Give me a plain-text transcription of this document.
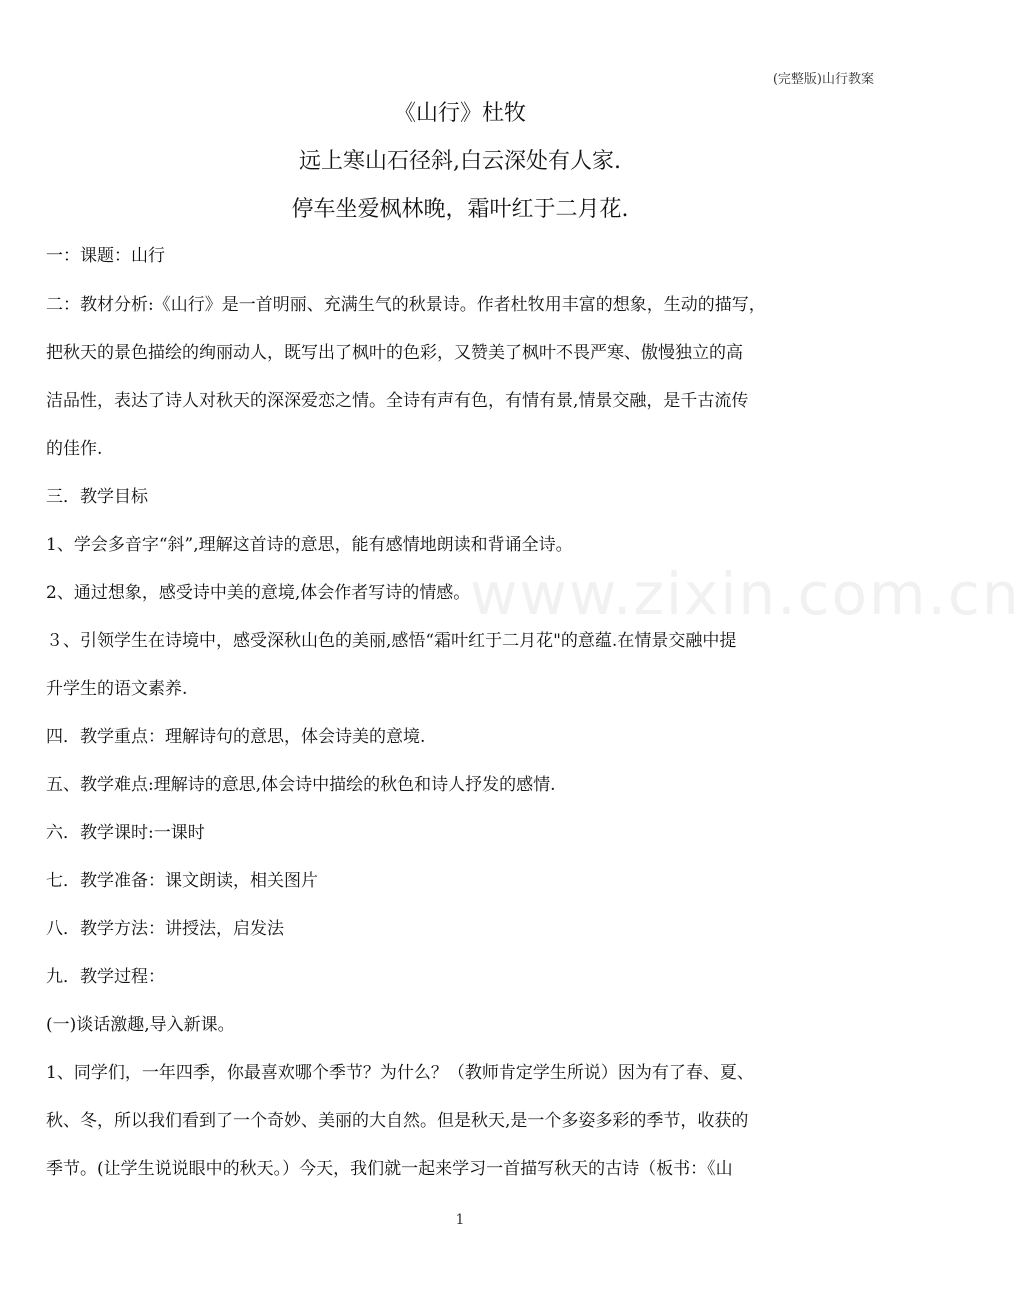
(完整版)山行教案
www.zixin.com.cn
《山行》杜牧
远上寒山石径斜,白云深处有人家.
停车坐爱枫林晚，霜叶红于二月花.
一：课题：山行
二：教材分析:《山行》是一首明丽、充满生气的秋景诗。作者杜牧用丰富的想象，生动的描写，
把秋天的景色描绘的绚丽动人，既写出了枫叶的色彩，又赞美了枫叶不畏严寒、傲慢独立的高
洁品性，表达了诗人对秋天的深深爱恋之情。全诗有声有色，有情有景,情景交融，是千古流传
的佳作.
三．教学目标
1、学会多音字“斜”,理解这首诗的意思，能有感情地朗读和背诵全诗。
2、通过想象，感受诗中美的意境,体会作者写诗的情感。
３、引领学生在诗境中，感受深秋山色的美丽,感悟“霜叶红于二月花"的意蕴.在情景交融中提
升学生的语文素养.
四．教学重点：理解诗句的意思，体会诗美的意境.
五、教学难点:理解诗的意思,体会诗中描绘的秋色和诗人抒发的感情.
六．教学课时:一课时
七．教学准备：课文朗读，相关图片
八．教学方法：讲授法，启发法
九．教学过程：
(一)谈话激趣,导入新课。
1、同学们，一年四季，你最喜欢哪个季节？为什么？（教师肯定学生所说）因为有了春、夏、
秋、冬，所以我们看到了一个奇妙、美丽的大自然。但是秋天,是一个多姿多彩的季节，收获的
季节。(让学生说说眼中的秋天。）今天，我们就一起来学习一首描写秋天的古诗（板书：《山
1
